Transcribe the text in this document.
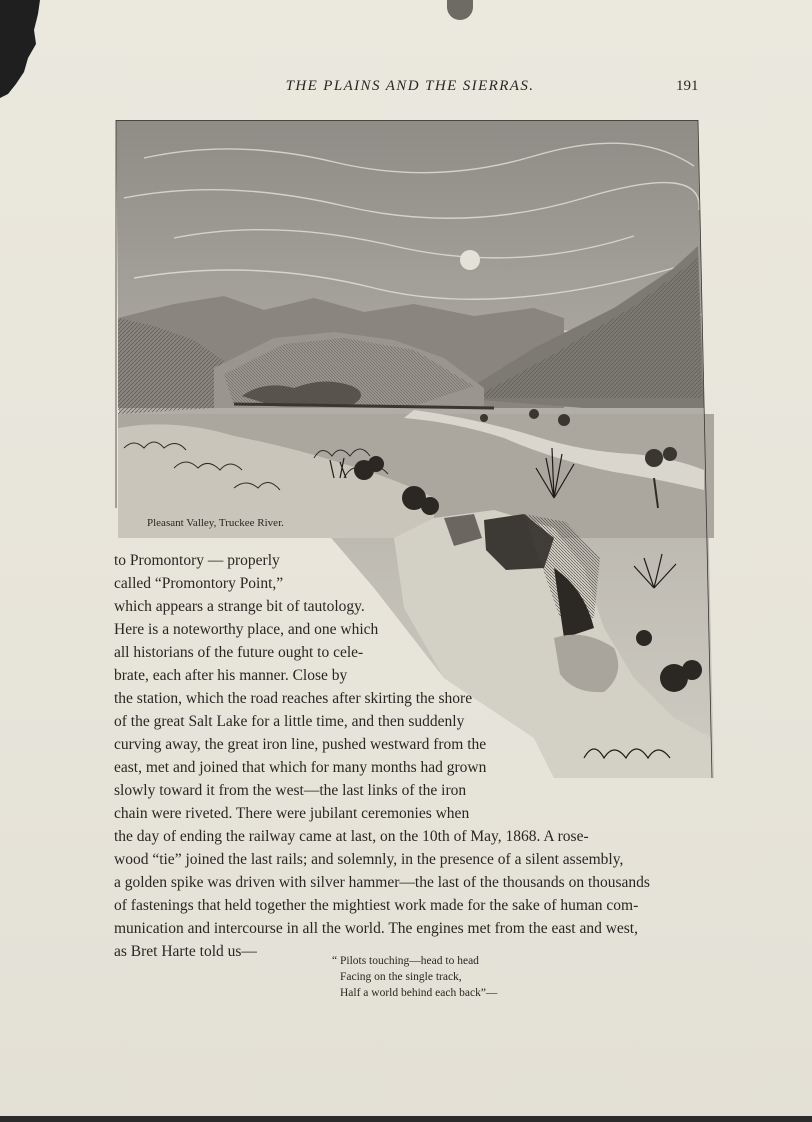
THE PLAINS AND THE SIERRAS.	191
Pleasant Valley, Truckee River.
to Promontory — properly
called “Promontory Point,”
which appears a strange bit of tautology.
Here is a noteworthy place, and one which
all historians of the future ought to cele-
brate, each after his manner. Close by
the station, which the road reaches after skirting the shore
of the great Salt Lake for a little time, and then suddenly
curving away, the great iron line, pushed westward from the
east, met and joined that which for many months had grown
slowly toward it from the west—the last links of the iron
chain were riveted. There were jubilant ceremonies when
the day of ending the railway came at last, on the 10th of May, 1868. A rose-
wood “tie” joined the last rails; and solemnly, in the presence of a silent assembly,
a golden spike was driven with silver hammer—the last of the thousands on thousands
of fastenings that held together the mightiest work made for the sake of human com-
munication and intercourse in all the world. The engines met from the east and west,
as Bret Harte told us—
“ Pilots touching—head to head
Facing on the single track,
Half a world behind each back”—
